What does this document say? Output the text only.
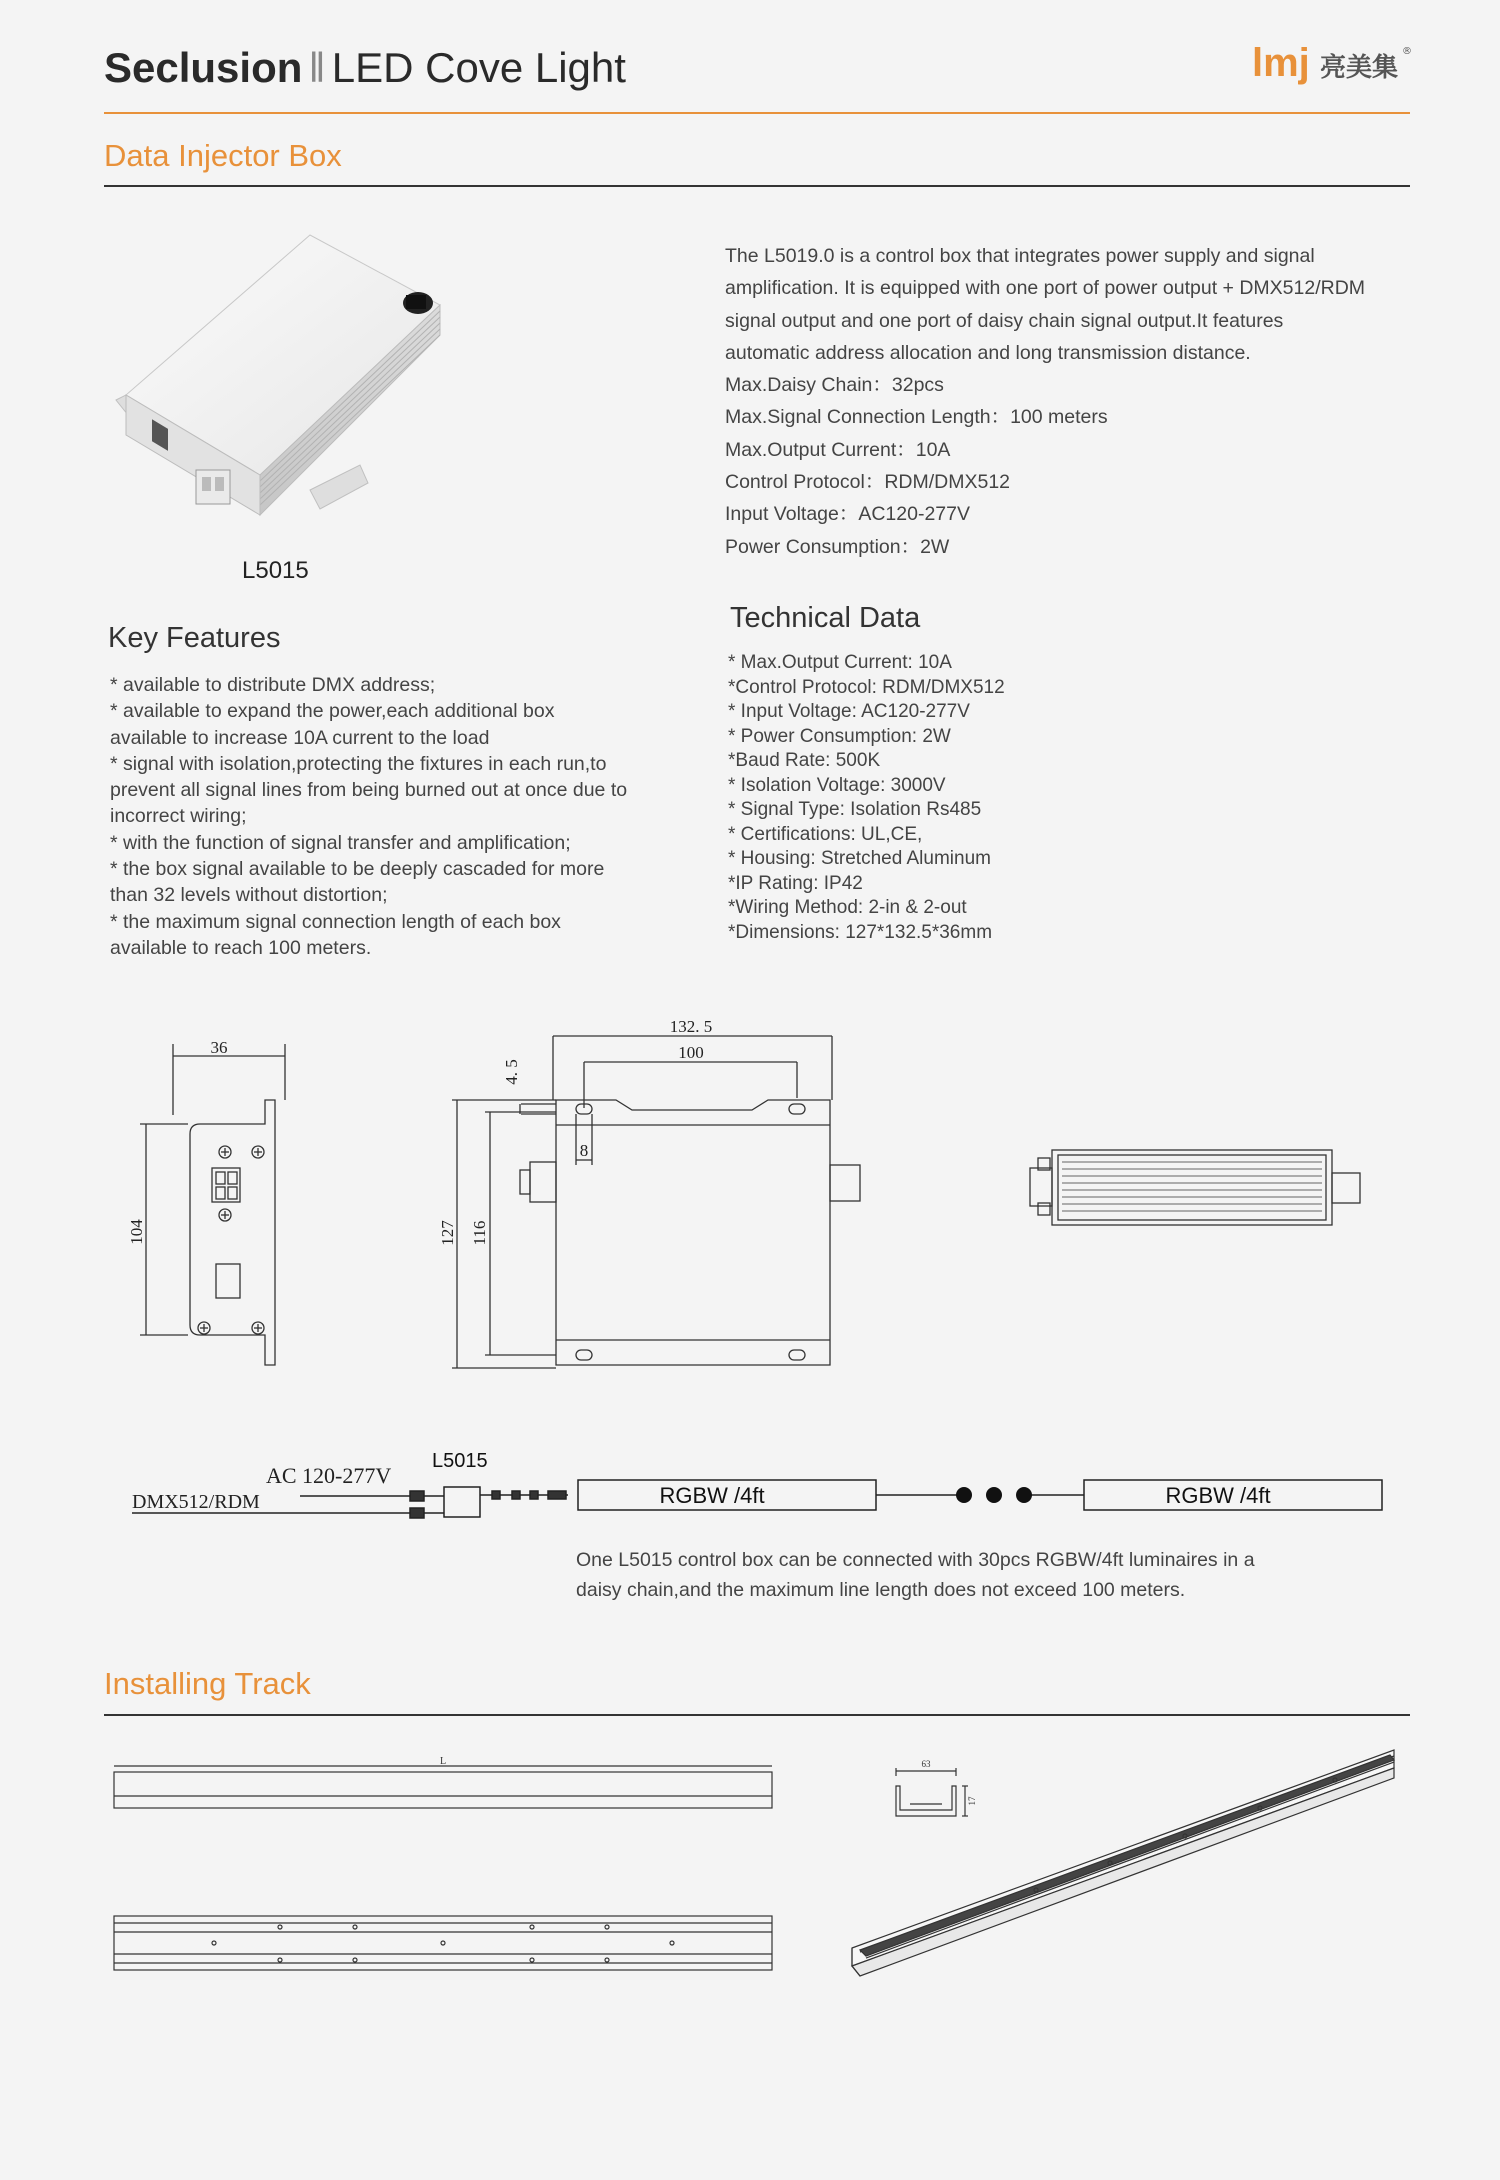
Seclusion ‖ LED Cove Light	lmj 亮美集
®
Data Injector Box
L5015

The L5019.0 is a control box that integrates power supply and signal

amplification. It is equipped with one port of power output + DMX512/RDM

signal output and one port of daisy chain signal output.It features

automatic address allocation and long transmission distance.

Max.Daisy Chain：32pcs

Max.Signal Connection Length：100 meters

Max.Output Current：10A

Control Protocol：RDM/DMX512

Input Voltage：AC120-277V

Power Consumption：2W

Key Features

* available to distribute DMX address;

* available to expand the power,each additional box

available to increase 10A current to the load

* signal with isolation,protecting the fixtures in each run,to

prevent all signal lines from being burned out at once due to

incorrect wiring;

* with the function of signal transfer and amplification;

* the box signal available to be deeply cascaded for more

than 32 levels without distortion;

* the maximum signal connection length of each box

available to reach 100 meters.

Technical Data

* Max.Output Current: 10A

*Control Protocol: RDM/DMX512

* Input Voltage: AC120-277V

* Power Consumption: 2W

*Baud Rate: 500K

* Isolation Voltage: 3000V

* Signal Type: Isolation Rs485

* Certifications: UL,CE,

* Housing: Stretched Aluminum

*IP Rating: IP42

*Wiring Method: 2-in & 2-out

*Dimensions: 127*132.5*36mm

36
104
132. 5
100
4. 5
127 116
8
AC 120-277V
DMX512/RDM
L5015
RGBW /4ft	RGBW /4ft
One L5015 control box can be connected with 30pcs RGBW/4ft luminaires in a
daisy chain,and the maximum line length does not exceed 100 meters.
Installing Track
L	63
17
